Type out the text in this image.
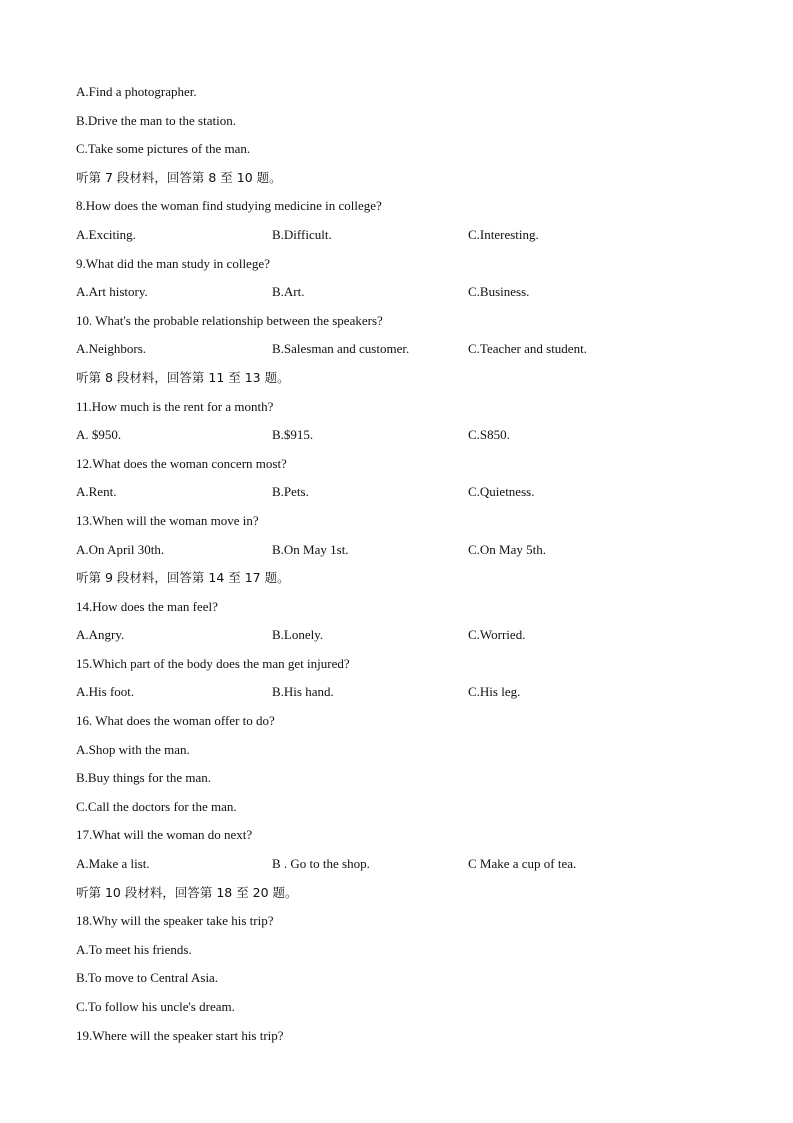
A.Find a photographer.
B.Drive the man to the station.
C.Take some pictures of the man.
听第 7 段材料，回答第 8 至 10 题。
8.How does the woman find studying medicine in college?
A.Exciting.	B.Difficult.	C.Interesting.
9.What did the man study in college?
A.Art history.	B.Art.	C.Business.
10. What's the probable relationship between the speakers?
A.Neighbors.	B.Salesman and customer.	C.Teacher and student.
听第 8 段材料，回答第 11 至 13 题。
11.How much is the rent for a month?
A. $950.	B.$915.	C.S850.
12.What does the woman concern most?
A.Rent.	B.Pets.	C.Quietness.
13.When will the woman move in?
A.On April 30th.	B.On May 1st.	C.On May 5th.
听第 9 段材料，回答第 14 至 17 题。
14.How does the man feel?
A.Angry.	B.Lonely.	C.Worried.
15.Which part of the body does the man get injured?
A.His foot.	B.His hand.	C.His leg.
16. What does the woman offer to do?
A.Shop with the man.
B.Buy things for the man.
C.Call the doctors for the man.
17.What will the woman do next?
A.Make a list.	B . Go to the shop.	C Make a cup of tea.
听第 10 段材料，回答第 18 至 20 题。
18.Why will the speaker take his trip?
A.To meet his friends.
B.To move to Central Asia.
C.To follow his uncle's dream.
19.Where will the speaker start his trip?
